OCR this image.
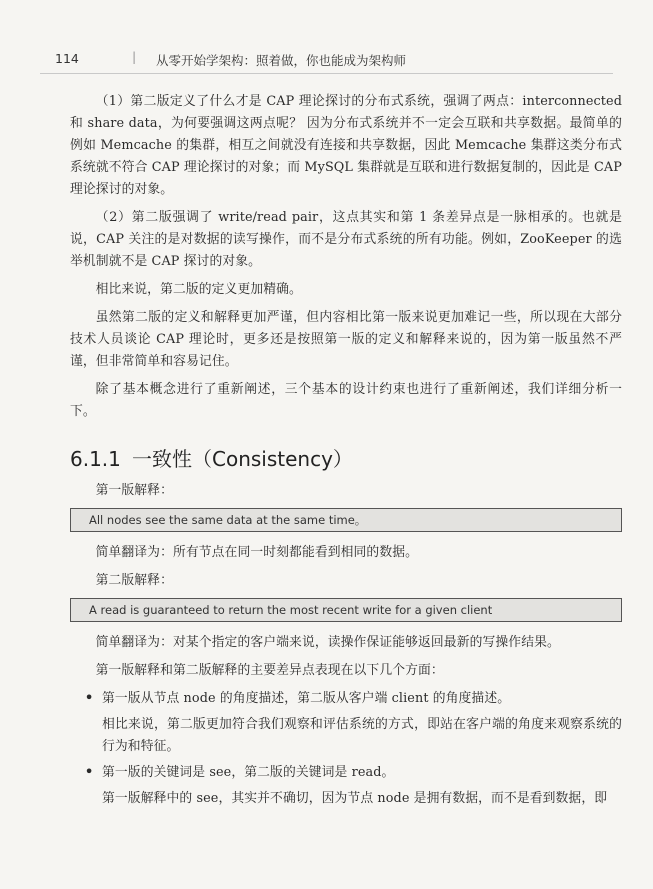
114	| 从零开始学架构：照着做，你也能成为架构师

（1）第二版定义了什么才是 CAP 理论探讨的分布式系统，强调了两点：interconnected 和 share data，为何要强调这两点呢？ 因为分布式系统并不一定会互联和共享数据。最简单的例如 Memcache 的集群，相互之间就没有连接和共享数据，因此 Memcache 集群这类分布式系统就不符合 CAP 理论探讨的对象；而 MySQL 集群就是互联和进行数据复制的，因此是 CAP 理论探讨的对象。

（2）第二版强调了 write/read pair，这点其实和第 1 条差异点是一脉相承的。也就是说，CAP 关注的是对数据的读写操作，而不是分布式系统的所有功能。例如，ZooKeeper 的选举机制就不是 CAP 探讨的对象。

相比来说，第二版的定义更加精确。

虽然第二版的定义和解释更加严谨，但内容相比第一版来说更加难记一些，所以现在大部分技术人员谈论 CAP 理论时，更多还是按照第一版的定义和解释来说的，因为第一版虽然不严谨，但非常简单和容易记住。

除了基本概念进行了重新阐述，三个基本的设计约束也进行了重新阐述，我们详细分析一下。

6.1.1 一致性（Consistency）

第一版解释：

All nodes see the same data at the same time。

简单翻译为：所有节点在同一时刻都能看到相同的数据。

第二版解释：

A read is guaranteed to return the most recent write for a given client

简单翻译为：对某个指定的客户端来说，读操作保证能够返回最新的写操作结果。

第一版解释和第二版解释的主要差异点表现在以下几个方面：

• 第一版从节点 node 的角度描述，第二版从客户端 client 的角度描述。

相比来说，第二版更加符合我们观察和评估系统的方式，即站在客户端的角度来观察系统的行为和特征。

• 第一版的关键词是 see，第二版的关键词是 read。

第一版解释中的 see，其实并不确切，因为节点 node 是拥有数据，而不是看到数据，即
